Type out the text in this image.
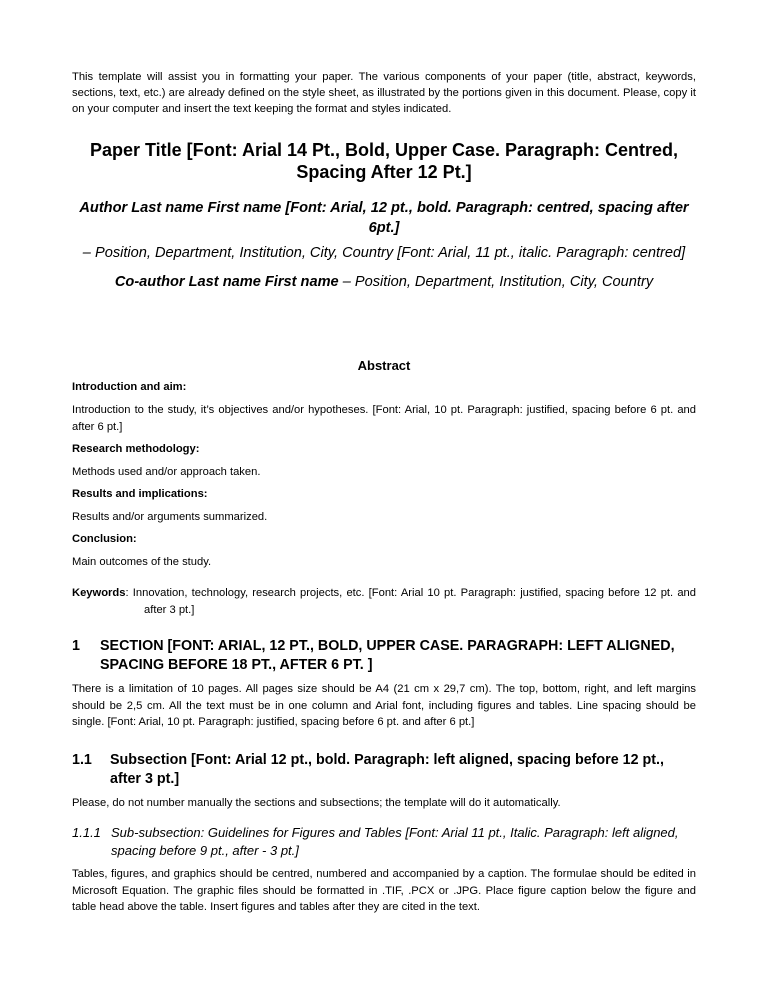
This template will assist you in formatting your paper. The various components of your paper (title, abstract, keywords, sections, text, etc.) are already defined on the style sheet, as illustrated by the portions given in this document. Please, copy it on your computer and insert the text keeping the format and styles indicated.

Paper Title [Font: Arial 14 Pt., Bold, Upper Case. Paragraph: Centred, Spacing After 12 Pt.]

Author Last name First name [Font: Arial, 12 pt., bold. Paragraph: centred, spacing after 6pt.]

– Position, Department, Institution, City, Country [Font: Arial, 11 pt., italic. Paragraph: centred]

Co-author Last name First name – Position, Department, Institution, City, Country

Abstract

Introduction and aim:

Introduction to the study, it’s objectives and/or hypotheses. [Font: Arial, 10 pt. Paragraph: justified, spacing before 6 pt. and after 6 pt.]

Research methodology:

Methods used and/or approach taken.

Results and implications:

Results and/or arguments summarized.

Conclusion:

Main outcomes of the study.

Keywords: Innovation, technology, research projects, etc. [Font: Arial 10 pt. Paragraph: justified, spacing before 12 pt. and after 3 pt.]

1	SECTION [FONT: ARIAL, 12 PT., BOLD, UPPER CASE. PARAGRAPH: LEFT ALIGNED, SPACING BEFORE 18 PT., AFTER 6 PT. ]

There is a limitation of 10 pages. All pages size should be A4 (21 cm x 29,7 cm). The top, bottom, right, and left margins should be 2,5 cm. All the text must be in one column and Arial font, including figures and tables. Line spacing should be single. [Font: Arial, 10 pt. Paragraph: justified, spacing before 6 pt. and after 6 pt.]

1.1	Subsection [Font: Arial 12 pt., bold. Paragraph: left aligned, spacing before 12 pt., after 3 pt.]

Please, do not number manually the sections and subsections; the template will do it automatically.

1.1.1 Sub-subsection: Guidelines for Figures and Tables [Font: Arial 11 pt., Italic. Paragraph: left aligned, spacing before 9 pt., after - 3 pt.]

Tables, figures, and graphics should be centred, numbered and accompanied by a caption. The formulae should be edited in Microsoft Equation. The graphic files should be formatted in .TIF, .PCX or .JPG. Place figure caption below the figure and table head above the table. Insert figures and tables after they are cited in the text.
